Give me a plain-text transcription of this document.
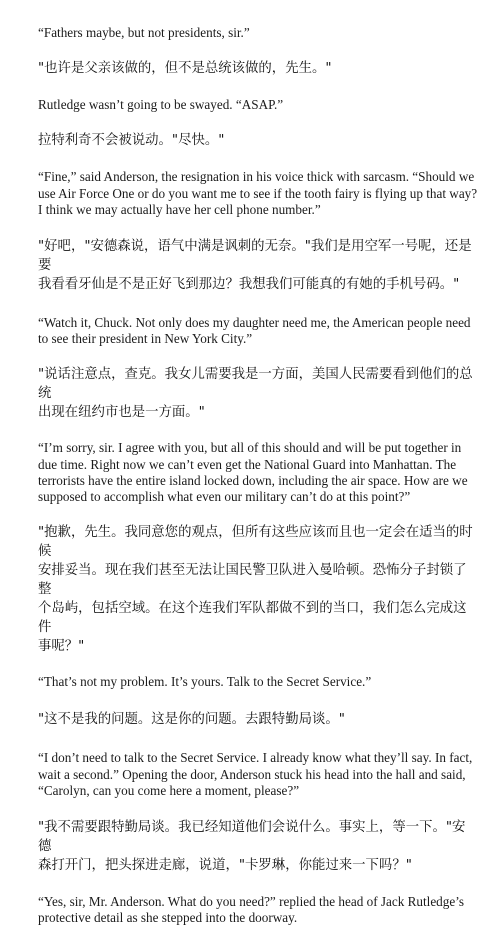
“Fathers maybe, but not presidents, sir.”

"也许是父亲该做的，但不是总统该做的，先生。"

Rutledge wasn’t going to be swayed. “ASAP.”

拉特利奇不会被说动。"尽快。"

“Fine,” said Anderson, the resignation in his voice thick with sarcasm. “Should we
use Air Force One or do you want me to see if the tooth fairy is flying up that way?
I think we may actually have her cell phone number.”

"好吧，"安德森说，语气中满是讽刺的无奈。"我们是用空军一号呢，还是要
我看看牙仙是不是正好飞到那边？我想我们可能真的有她的手机号码。"

“Watch it, Chuck. Not only does my daughter need me, the American people need
to see their president in New York City.”

"说话注意点，查克。我女儿需要我是一方面，美国人民需要看到他们的总统
出现在纽约市也是一方面。"

“I’m sorry, sir. I agree with you, but all of this should and will be put together in
due time. Right now we can’t even get the National Guard into Manhattan. The
terrorists have the entire island locked down, including the air space. How are we
supposed to accomplish what even our military can’t do at this point?”

"抱歉，先生。我同意您的观点，但所有这些应该而且也一定会在适当的时候
安排妥当。现在我们甚至无法让国民警卫队进入曼哈顿。恐怖分子封锁了整
个岛屿，包括空域。在这个连我们军队都做不到的当口，我们怎么完成这件
事呢？"

“That’s not my problem. It’s yours. Talk to the Secret Service.”

"这不是我的问题。这是你的问题。去跟特勤局谈。"

“I don’t need to talk to the Secret Service. I already know what they’ll say. In fact,
wait a second.” Opening the door, Anderson stuck his head into the hall and said,
“Carolyn, can you come here a moment, please?”

"我不需要跟特勤局谈。我已经知道他们会说什么。事实上，等一下。"安德
森打开门，把头探进走廊，说道，"卡罗琳，你能过来一下吗？"

“Yes, sir, Mr. Anderson. What do you need?” replied the head of Jack Rutledge’s
protective detail as she stepped into the doorway.
